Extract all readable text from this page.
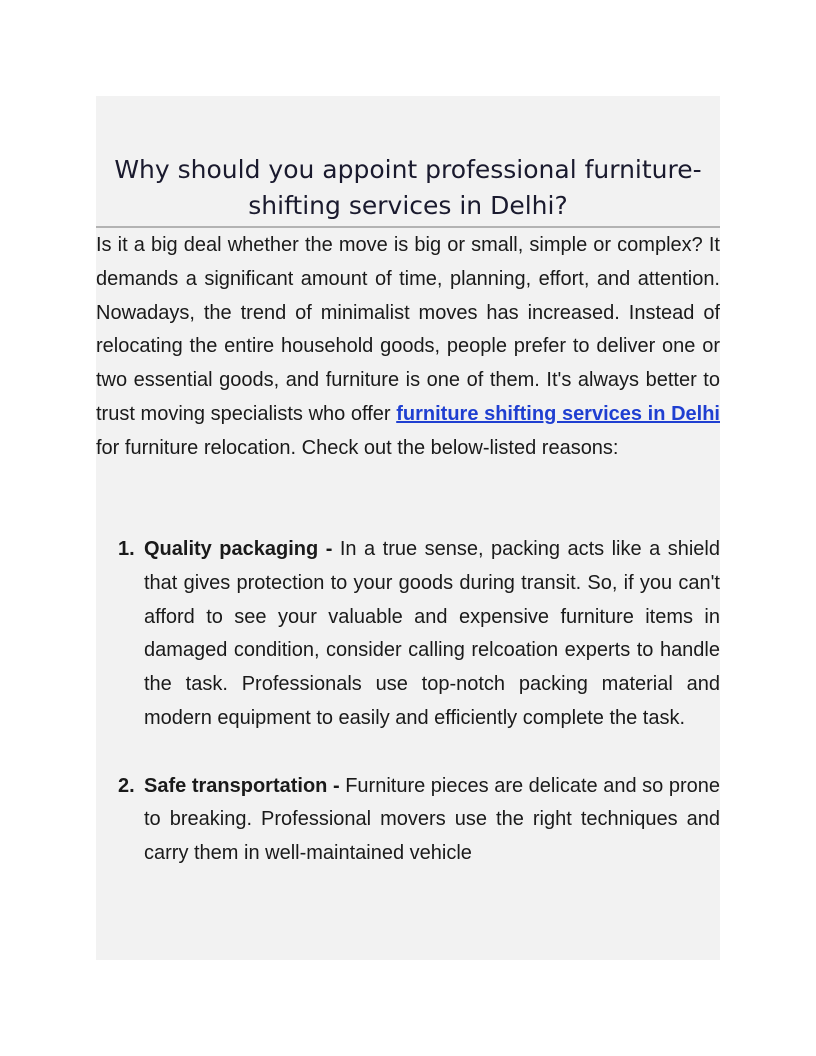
Why should you appoint professional furniture-shifting services in Delhi?

Is it a big deal whether the move is big or small, simple or complex? It demands a significant amount of time, planning, effort, and attention. Nowadays, the trend of minimalist moves has increased. Instead of relocating the entire household goods, people prefer to deliver one or two essential goods, and furniture is one of them. It's always better to trust moving specialists who offer furniture shifting services in Delhi for furniture relocation. Check out the below-listed reasons:

1. Quality packaging - In a true sense, packing acts like a shield that gives protection to your goods during transit. So, if you can't afford to see your valuable and expensive furniture items in damaged condition, consider calling relcoation experts to handle the task. Professionals use top-notch packing material and modern equipment to easily and efficiently complete the task.
2. Safe transportation - Furniture pieces are delicate and so prone to breaking. Professional movers use the right techniques and carry them in well-maintained vehicle
